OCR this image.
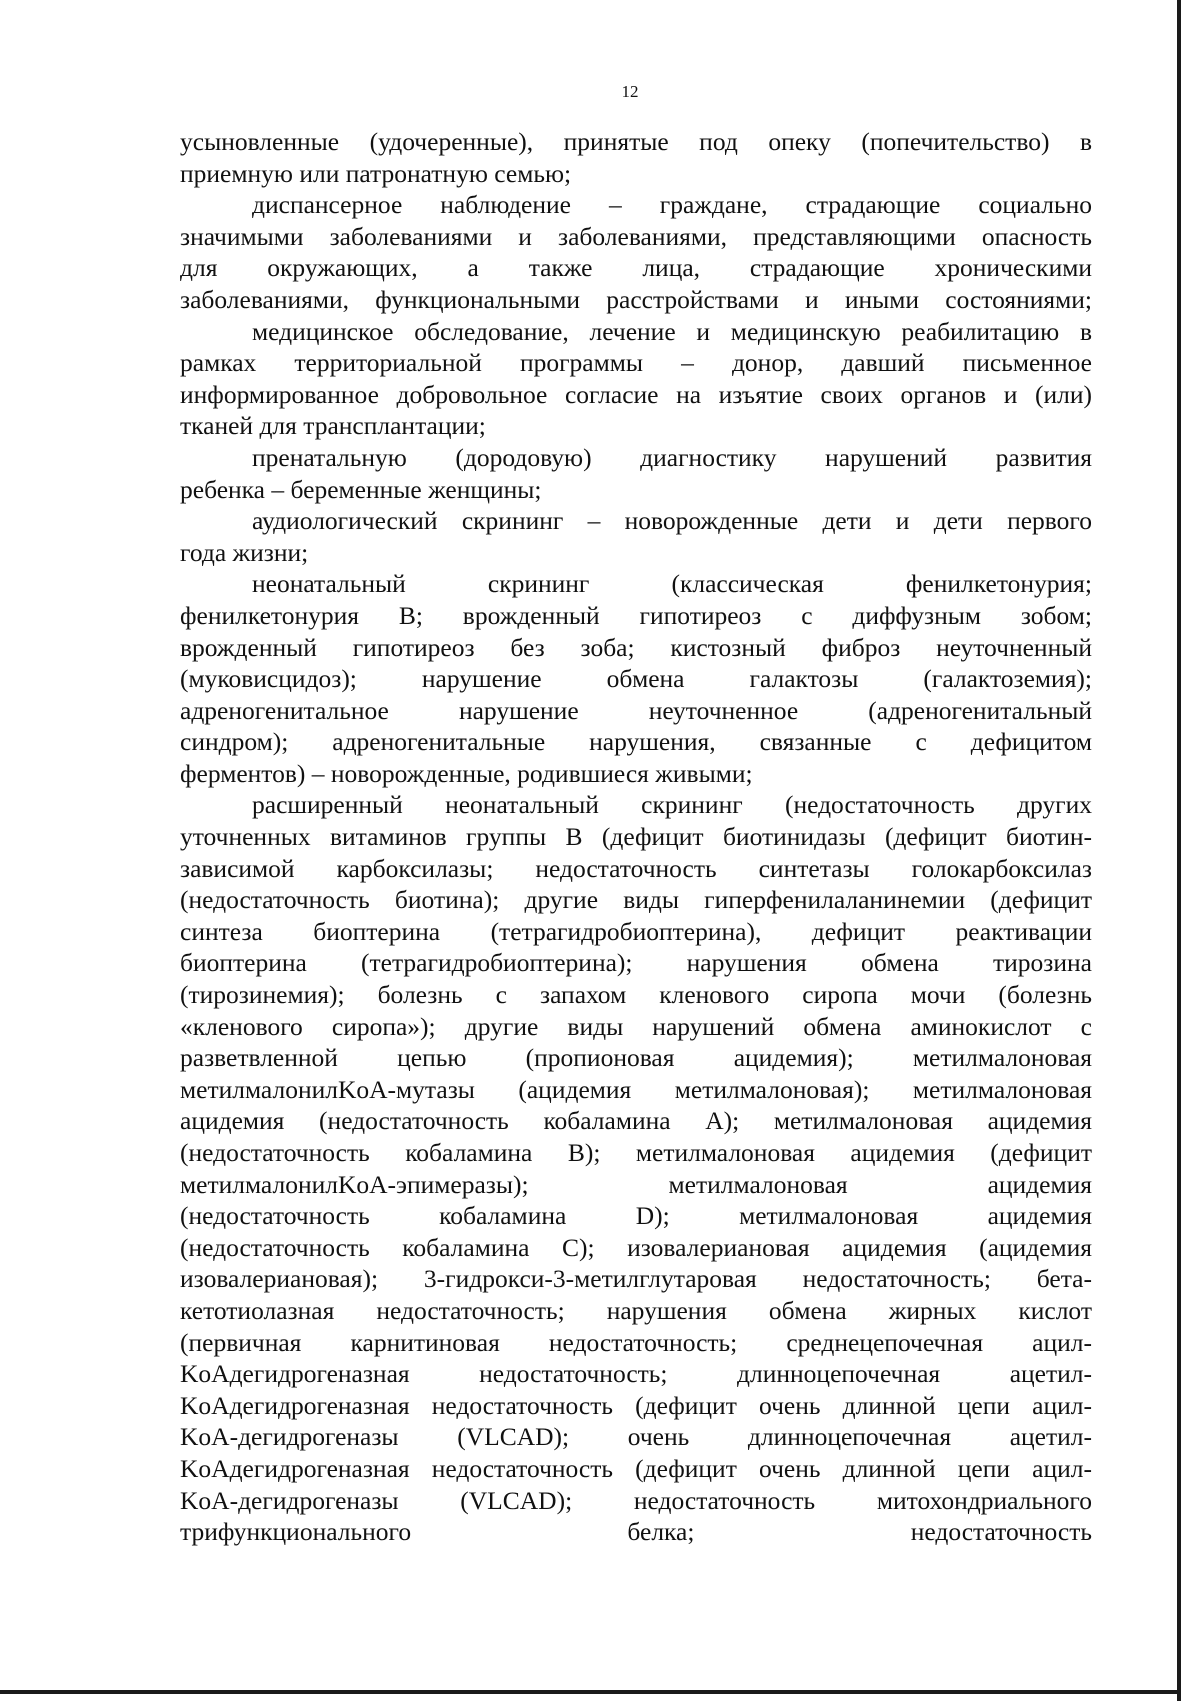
12
усыновленные (удочеренные), принятые под опеку (попечительство) в
приемную или патронатную семью;
диспансерное наблюдение – граждане, страдающие социально
значимыми заболеваниями и заболеваниями, представляющими опасность
для окружающих, а также лица, страдающие хроническими
заболеваниями, функциональными расстройствами и иными состояниями;
медицинское обследование, лечение и медицинскую реабилитацию в
рамках территориальной программы – донор, давший письменное
информированное добровольное согласие на изъятие своих органов и (или)
тканей для трансплантации;
пренатальную (дородовую) диагностику нарушений развития
ребенка – беременные женщины;
аудиологический скрининг – новорожденные дети и дети первого
года жизни;
неонатальный скрининг (классическая фенилкетонурия;
фенилкетонурия B; врожденный гипотиреоз с диффузным зобом;
врожденный гипотиреоз без зоба; кистозный фиброз неуточненный
(муковисцидоз); нарушение обмена галактозы (галактоземия);
адреногенитальное нарушение неуточненное (адреногенитальный
синдром); адреногенитальные нарушения, связанные с дефицитом
ферментов) – новорожденные, родившиеся живыми;
расширенный неонатальный скрининг (недостаточность других
уточненных витаминов группы B (дефицит биотинидазы (дефицит биотин-
зависимой карбоксилазы; недостаточность синтетазы голокарбоксилаз
(недостаточность биотина); другие виды гиперфенилаланинемии (дефицит
синтеза биоптерина (тетрагидробиоптерина), дефицит реактивации
биоптерина (тетрагидробиоптерина); нарушения обмена тирозина
(тирозинемия); болезнь с запахом кленового сиропа мочи (болезнь
«кленового сиропа»); другие виды нарушений обмена аминокислот с
разветвленной цепью (пропионовая ацидемия); метилмалоновая
метилмалонилKoA-мутазы (ацидемия метилмалоновая); метилмалоновая
ацидемия (недостаточность кобаламина A); метилмалоновая ацидемия
(недостаточность кобаламина B); метилмалоновая ацидемия (дефицит
метилмалонилKoA-эпимеразы); метилмалоновая ацидемия
(недостаточность кобаламина D); метилмалоновая ацидемия
(недостаточность кобаламина C); изовалериановая ацидемия (ацидемия
изовалериановая); 3-гидрокси-3-метилглутаровая недостаточность; бета-
кетотиолазная недостаточность; нарушения обмена жирных кислот
(первичная карнитиновая недостаточность; среднецепочечная ацил-
KoAдегидрогеназная недостаточность; длинноцепочечная ацетил-
KoAдегидрогеназная недостаточность (дефицит очень длинной цепи ацил-
KoA-дегидрогеназы (VLCAD); очень длинноцепочечная ацетил-
KoAдегидрогеназная недостаточность (дефицит очень длинной цепи ацил-
KoA-дегидрогеназы (VLCAD); недостаточность митохондриального
трифункционального белка; недостаточность
